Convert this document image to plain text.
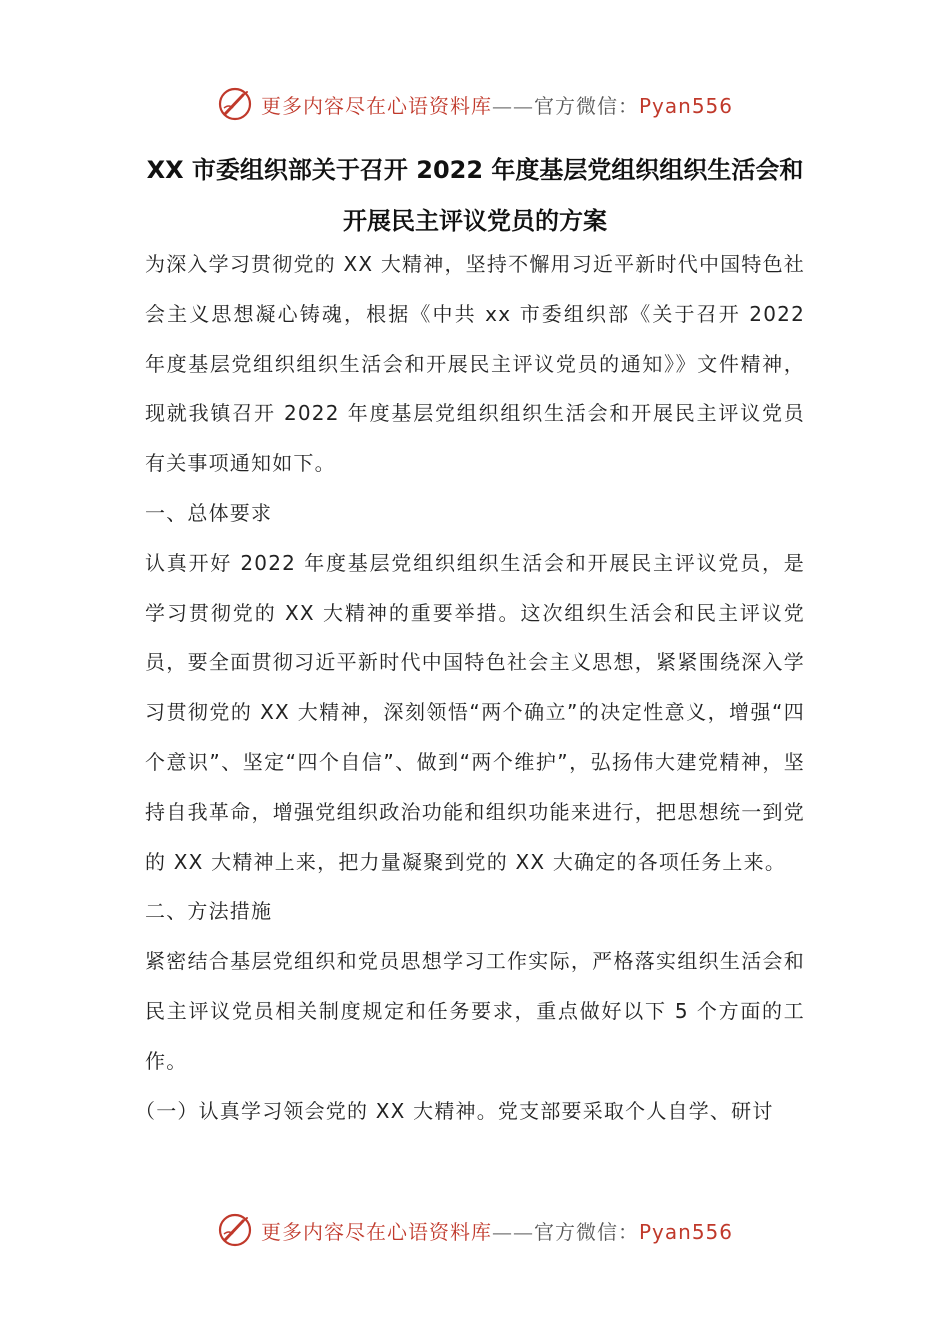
更多内容尽在心语资料库——官方微信：Pyan556
XX 市委组织部关于召开 2022 年度基层党组织组织生活会和
开展民主评议党员的方案

为深入学习贯彻党的 XX 大精神，坚持不懈用习近平新时代中国特色社会主义思想凝心铸魂，根据《中共 xx 市委组织部《关于召开 2022 年度基层党组织组织生活会和开展民主评议党员的通知》》文件精神，现就我镇召开 2022 年度基层党组织组织生活会和开展民主评议党员有关事项通知如下。

一、总体要求

认真开好 2022 年度基层党组织组织生活会和开展民主评议党员，是学习贯彻党的 XX 大精神的重要举措。这次组织生活会和民主评议党员，要全面贯彻习近平新时代中国特色社会主义思想，紧紧围绕深入学习贯彻党的 XX 大精神，深刻领悟“两个确立”的决定性意义，增强“四个意识”、坚定“四个自信”、做到“两个维护”，弘扬伟大建党精神，坚持自我革命，增强党组织政治功能和组织功能来进行，把思想统一到党的 XX 大精神上来，把力量凝聚到党的 XX 大确定的各项任务上来。

二、方法措施

紧密结合基层党组织和党员思想学习工作实际，严格落实组织生活会和民主评议党员相关制度规定和任务要求，重点做好以下 5 个方面的工作。

（一）认真学习领会党的 XX 大精神。党支部要采取个人自学、研讨

更多内容尽在心语资料库——官方微信：Pyan556
